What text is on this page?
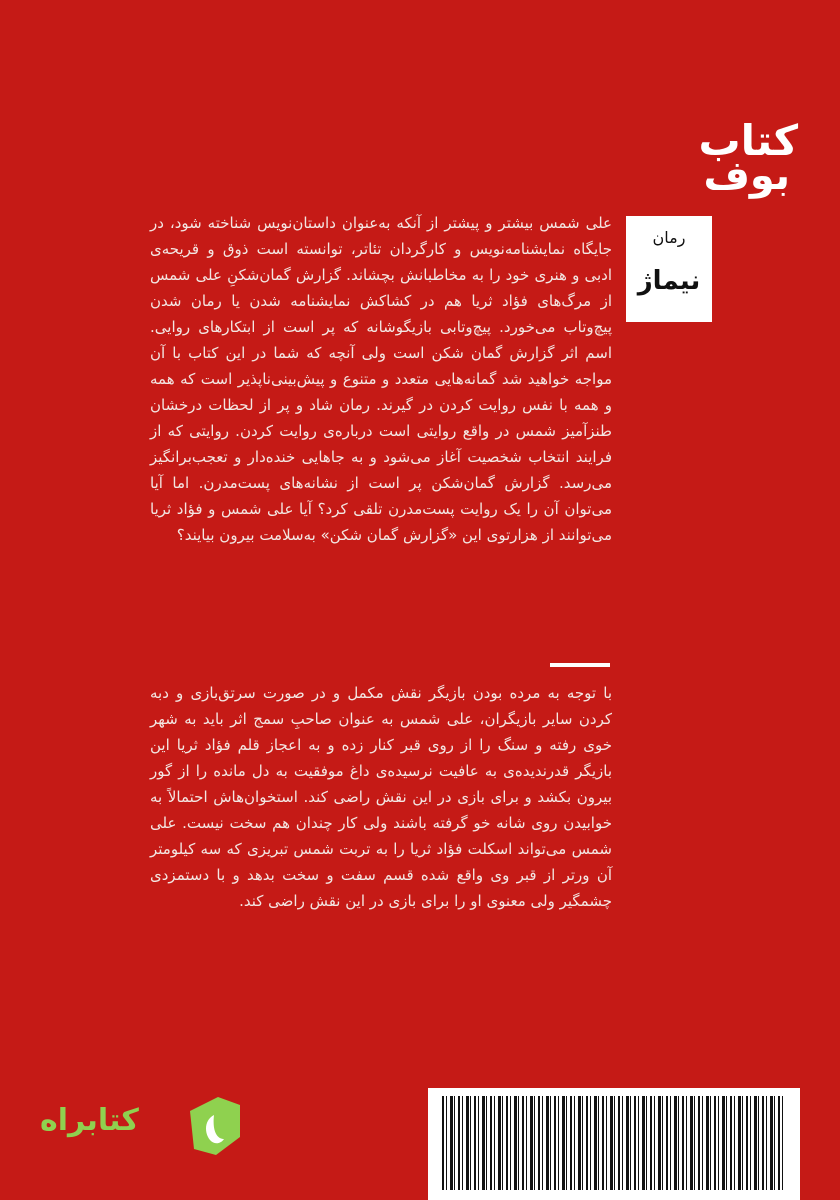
کتاب
بوف
رمان
نیماژ
علی شمس بیشتر و پیشتر از آنکه به‌عنوان داستان‌نویس شناخته شود، در جایگاه نمایشنامه‌نویس و کارگردان تئاتر، توانسته است ذوق و قریحه‌ی ادبی و هنری خود را به مخاطبانش بچشاند. گزارش گمان‌شکنِ علی شمس از مرگ‌های فؤاد ثریا هم در کشاکش نمایشنامه شدن یا رمان شدن پیچ‌وتاب می‌خورد. پیچ‌وتابی بازیگوشانه که پر است از ابتکارهای روایی. اسم اثر گزارش گمان شکن است ولی آنچه که شما در این کتاب با آن مواجه خواهید شد گمانه‌هایی متعدد و متنوع و پیش‌بینی‌ناپذیر است که همه و همه با نفس روایت کردن در گیرند. رمان شاد و پر از لحظات درخشان طنزآمیز شمس در واقع روایتی است درباره‌ی روایت کردن. روایتی که از فرایند انتخاب شخصیت آغاز می‌شود و به جاهایی خنده‌دار و تعجب‌برانگیز می‌رسد. گزارش گمان‌شکن پر است از نشانه‌های پست‌مدرن. اما آیا می‌توان آن را یک روایت پست‌مدرن تلقی کرد؟ آیا علی شمس و فؤاد ثریا می‌توانند از هزارتوی این «گزارش گمان شکن» به‌سلامت بیرون بیایند؟
با توجه به مرده بودن بازیگر نقش مکمل و در صورت سرتق‌بازی و دبه کردن سایر بازیگران، علی شمس به عنوان صاحبِ سمج اثر باید به شهر خوی رفته و سنگ را از روی قبر کنار زده و به اعجاز قلم فؤاد ثریا این بازیگر قدرندیده‌ی به عافیت نرسیده‌ی داغ موفقیت به دل مانده را از گور بیرون بکشد و برای بازی در این نقش راضی کند. استخوان‌هاش احتمالاً به خوابیدن روی شانه خو گرفته باشند ولی کار چندان هم سخت نیست. علی شمس می‌تواند اسکلت فؤاد ثریا را به تربت شمس تبریزی که سه کیلومتر آن ورتر از قبر وی واقع شده قسم سفت و سخت بدهد و با دستمزدی چشمگیر ولی معنوی او را برای بازی در این نقش راضی کند.
کتابراه
